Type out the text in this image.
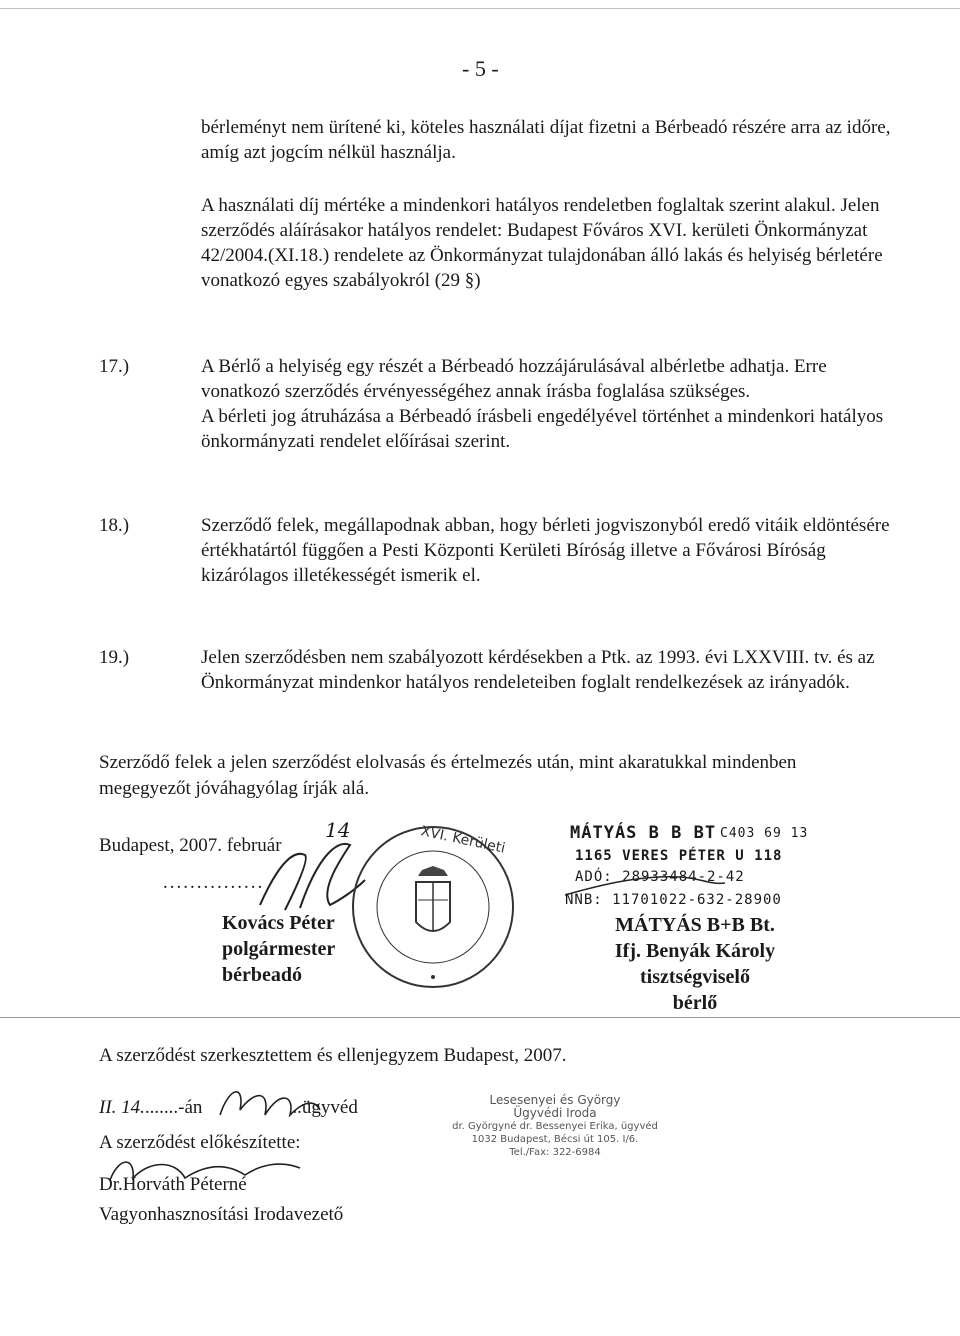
- 5 -

bérleményt nem ürítené ki, köteles használati díjat fizetni a Bérbeadó részére arra az időre, amíg azt jogcím nélkül használja.

A használati díj mértéke a mindenkori hatályos rendeletben foglaltak szerint alakul. Jelen szerződés aláírásakor hatályos rendelet: Budapest Főváros XVI. kerületi Önkormányzat 42/2004.(XI.18.) rendelete az Önkormányzat tulajdonában álló lakás és helyiség bérletére vonatkozó egyes szabályokról (29 §)

17.)	A Bérlő a helyiség egy részét a Bérbeadó hozzájárulásával albérletbe adhatja. Erre vonatkozó szerződés érvényességéhez annak írásba foglalása szükséges.

A bérleti jog átruházása a Bérbeadó írásbeli engedélyével történhet a mindenkori hatályos önkormányzati rendelet előírásai szerint.

18.)	Szerződő felek, megállapodnak abban, hogy bérleti jogviszonyból eredő vitáik eldöntésére értékhatártól függően a Pesti Központi Kerületi Bíróság illetve a Fővárosi Bíróság kizárólagos illetékességét ismerik el.

19.)	Jelen szerződésben nem szabályozott kérdésekben a Ptk. az 1993. évi LXXVIII. tv. és az Önkormányzat mindenkor hatályos rendeleteiben foglalt rendelkezések az irányadók.

Szerződő felek a jelen szerződést elolvasás és értelmezés után, mint akaratukkal mindenben megegyezőt jóváhagyólag írják alá.
Budapest, 2007. február
14
...............
Kovács Péter
polgármester
bérbeadó
XVI. Kerületi	MÁTYÁS B B BT C403 69 13
1165 VERES PÉTER U 118
ADÓ: 28933484-2-42
NNB: 11701022-632-28900
MÁTYÁS B+B Bt.
Ifj. Benyák Károly
tisztségviselő
bérlő
A szerződést szerkesztettem és ellenjegyzem Budapest, 2007.
II. 14........-án	..ügyvéd
A szerződést előkészítette:
Lesesenyei és György
Ügyvédi Iroda
dr. Györgyné dr. Bessenyei Erika, ügyvéd
1032 Budapest, Bécsi út 105. I/6.
Tel./Fax: 322-6984
Dr.Horváth Péterné
Vagyonhasznosítási Irodavezető
